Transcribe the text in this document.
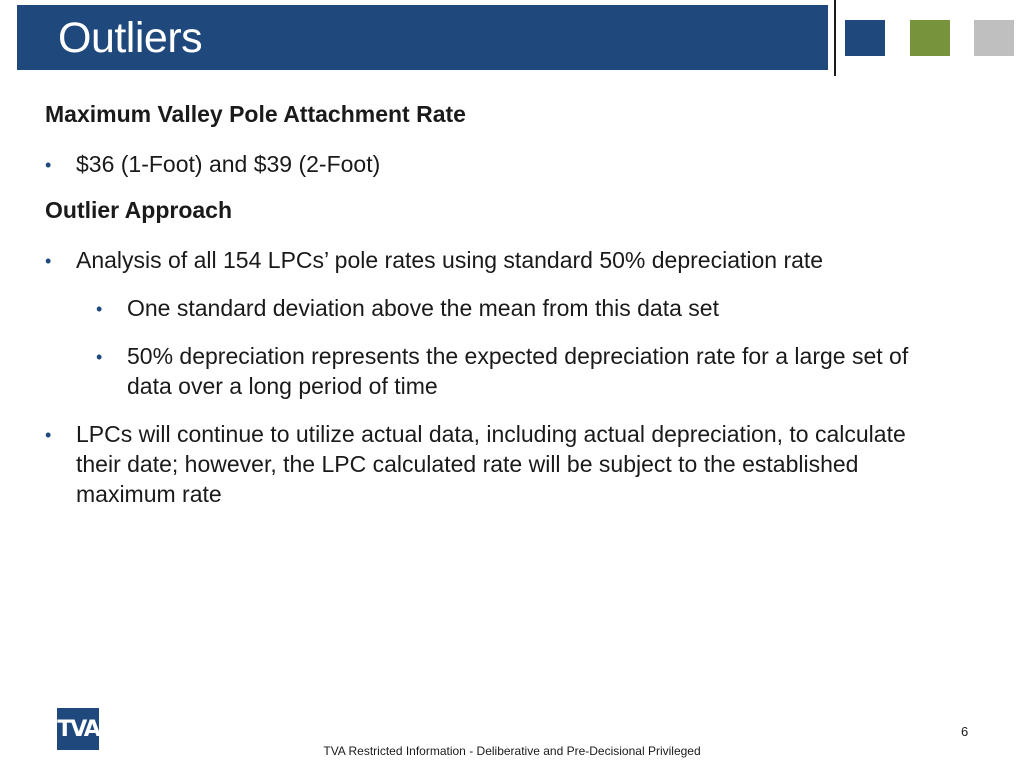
Outliers
Maximum Valley Pole Attachment Rate
• $36 (1-Foot) and $39 (2-Foot)
Outlier Approach
• Analysis of all 154 LPCs’ pole rates using standard 50% depreciation rate
• One standard deviation above the mean from this data set
• 50% depreciation represents the expected depreciation rate for a large set of data over a long period of time
• LPCs will continue to utilize actual data, including actual depreciation, to calculate their date; however, the LPC calculated rate will be subject to the established maximum rate
TVA	6
TVA Restricted Information - Deliberative and Pre-Decisional Privileged
